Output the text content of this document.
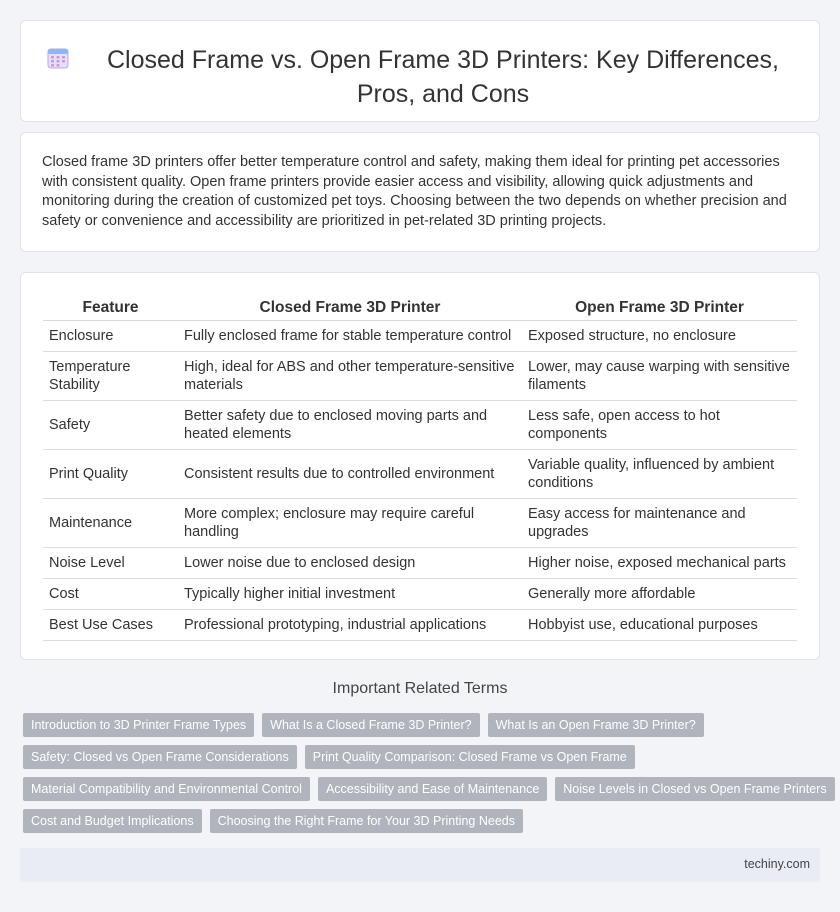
Closed Frame vs. Open Frame 3D Printers: Key Differences, Pros, and Cons

Closed frame 3D printers offer better temperature control and safety, making them ideal for printing pet accessories with consistent quality. Open frame printers provide easier access and visibility, allowing quick adjustments and monitoring during the creation of customized pet toys. Choosing between the two depends on whether precision and safety or convenience and accessibility are prioritized in pet-related 3D printing projects.

Feature	Closed Frame 3D Printer	Open Frame 3D Printer
Enclosure	Fully enclosed frame for stable temperature control	Exposed structure, no enclosure
Temperature Stability	High, ideal for ABS and other temperature-sensitive materials	Lower, may cause warping with sensitive filaments
Safety	Better safety due to enclosed moving parts and heated elements	Less safe, open access to hot components
Print Quality	Consistent results due to controlled environment	Variable quality, influenced by ambient conditions
Maintenance	More complex; enclosure may require careful handling	Easy access for maintenance and upgrades
Noise Level	Lower noise due to enclosed design	Higher noise, exposed mechanical parts
Cost	Typically higher initial investment	Generally more affordable
Best Use Cases	Professional prototyping, industrial applications	Hobbyist use, educational purposes
Important Related Terms
Introduction to 3D Printer Frame Types	What Is a Closed Frame 3D Printer?	What Is an Open Frame 3D Printer?
Safety: Closed vs Open Frame Considerations	Print Quality Comparison: Closed Frame vs Open Frame
Material Compatibility and Environmental Control	Accessibility and Ease of Maintenance	Noise Levels in Closed vs Open Frame Printers
Cost and Budget Implications	Choosing the Right Frame for Your 3D Printing Needs
techiny.com
